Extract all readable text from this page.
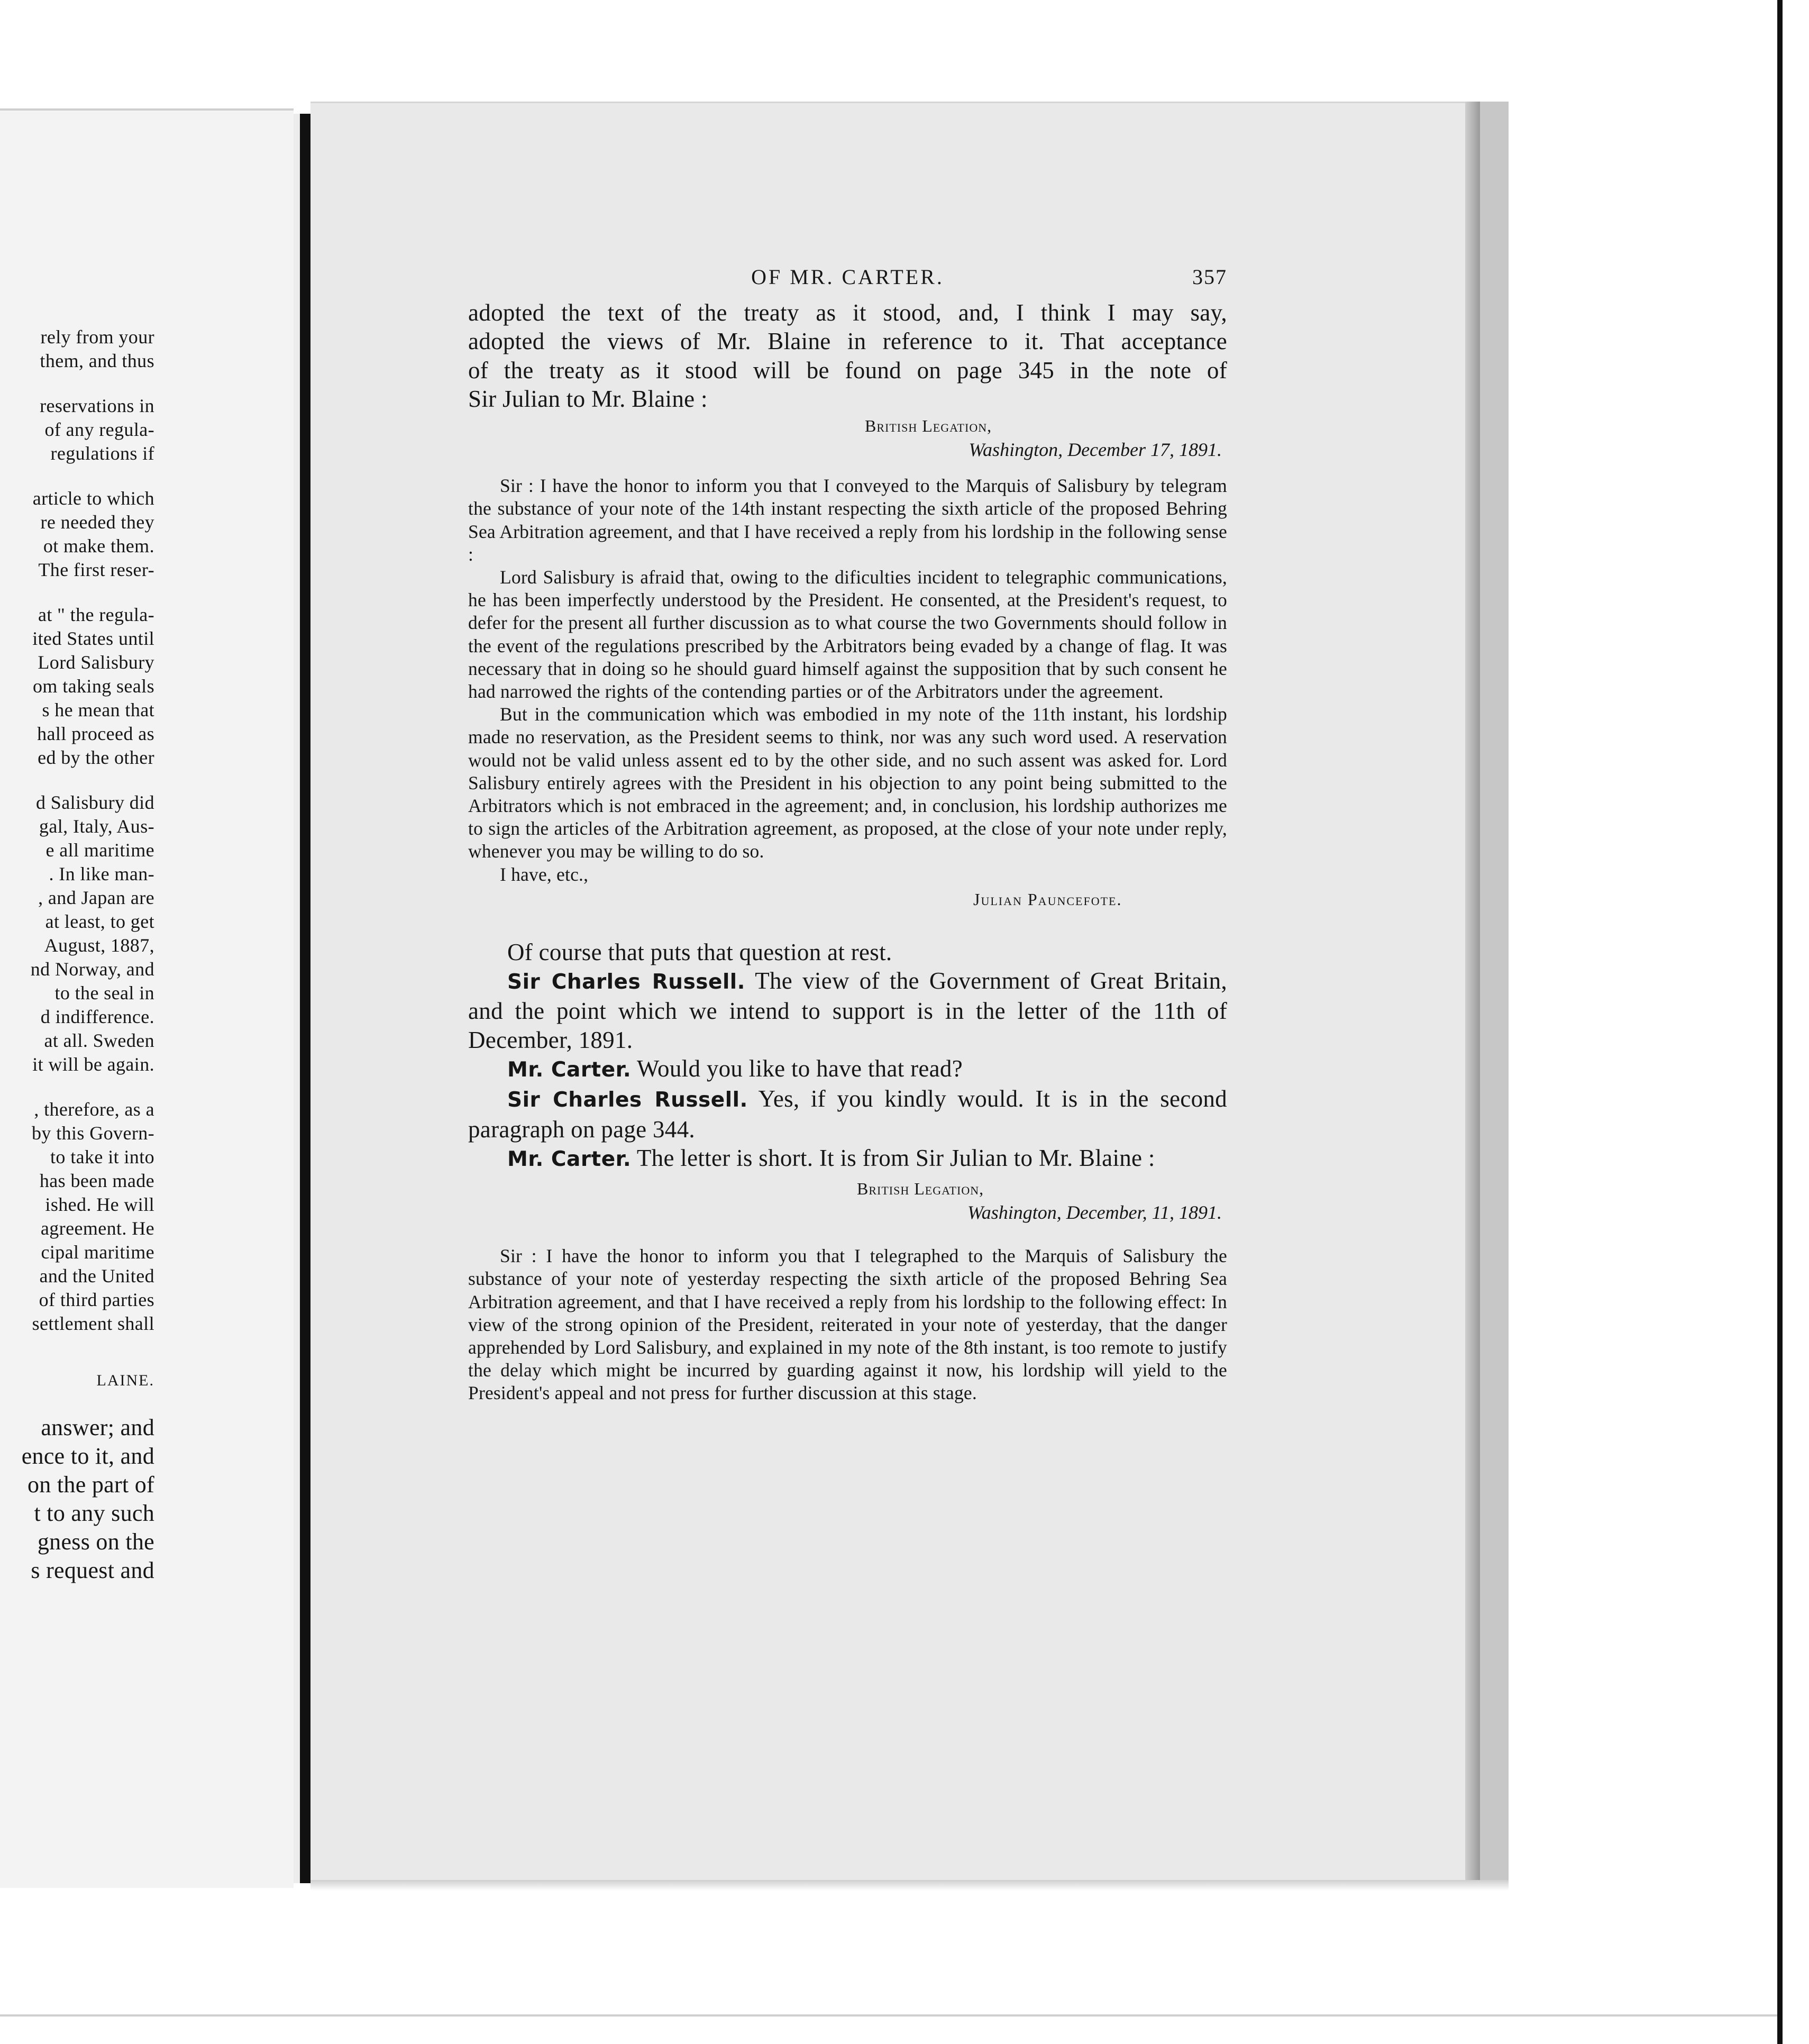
rely from your

them, and thus

reservations in

of any regula-

regulations if

article to which

re needed they

ot make them.

The first reser-

at " the regula-

ited States until

Lord Salisbury

om taking seals

s he mean that

hall proceed as

ed by the other

d Salisbury did

gal, Italy, Aus-

e all maritime

. In like man-

, and Japan are

at least, to get

August, 1887,

nd Norway, and

to the seal in

d indifference.

at all. Sweden

it will be again.

, therefore, as a

by this Govern-

to take it into

has been made

ished. He will

agreement. He

cipal maritime

and the United

of third parties

settlement shall

LAINE.

answer; and

ence to it, and

on the part of

t to any such

gness on the

s request and

OF MR. CARTER.	357

adopted the text of the treaty as it stood, and, I think I may say,

adopted the views of Mr. Blaine in reference to it. That acceptance

of the treaty as it stood will be found on page 345 in the note of

Sir Julian to Mr. Blaine :

British Legation,

Washington, December 17, 1891.

Sir : I have the honor to inform you that I conveyed to the Marquis of Salisbury by telegram the substance of your note of the 14th instant respecting the sixth article of the proposed Behring Sea Arbitration agreement, and that I have received a reply from his lordship in the following sense :

Lord Salisbury is afraid that, owing to the dificulties incident to telegraphic communications, he has been imperfectly understood by the President. He consented, at the President's request, to defer for the present all further discussion as to what course the two Governments should follow in the event of the regulations prescribed by the Arbitrators being evaded by a change of flag. It was necessary that in doing so he should guard himself against the supposition that by such consent he had narrowed the rights of the contending parties or of the Arbitrators under the agreement.

But in the communication which was embodied in my note of the 11th instant, his lordship made no reservation, as the President seems to think, nor was any such word used. A reservation would not be valid unless assent ed to by the other side, and no such assent was asked for. Lord Salisbury entirely agrees with the President in his objection to any point being submitted to the Arbitrators which is not embraced in the agreement; and, in conclusion, his lordship authorizes me to sign the articles of the Arbitration agreement, as proposed, at the close of your note under reply, whenever you may be willing to do so.

I have, etc.,

Julian Pauncefote.

Of course that puts that question at rest.

Sir Charles Russell. The view of the Government of Great Britain, and the point which we intend to support is in the letter of the 11th of December, 1891.

Mr. Carter. Would you like to have that read?

Sir Charles Russell. Yes, if you kindly would. It is in the second paragraph on page 344.

Mr. Carter. The letter is short. It is from Sir Julian to Mr. Blaine :

British Legation,

Washington, December, 11, 1891.

Sir : I have the honor to inform you that I telegraphed to the Marquis of Salisbury the substance of your note of yesterday respecting the sixth article of the proposed Behring Sea Arbitration agreement, and that I have received a reply from his lordship to the following effect: In view of the strong opinion of the President, reiterated in your note of yesterday, that the danger apprehended by Lord Salisbury, and explained in my note of the 8th instant, is too remote to justify the delay which might be incurred by guarding against it now, his lordship will yield to the President's appeal and not press for further discussion at this stage.
